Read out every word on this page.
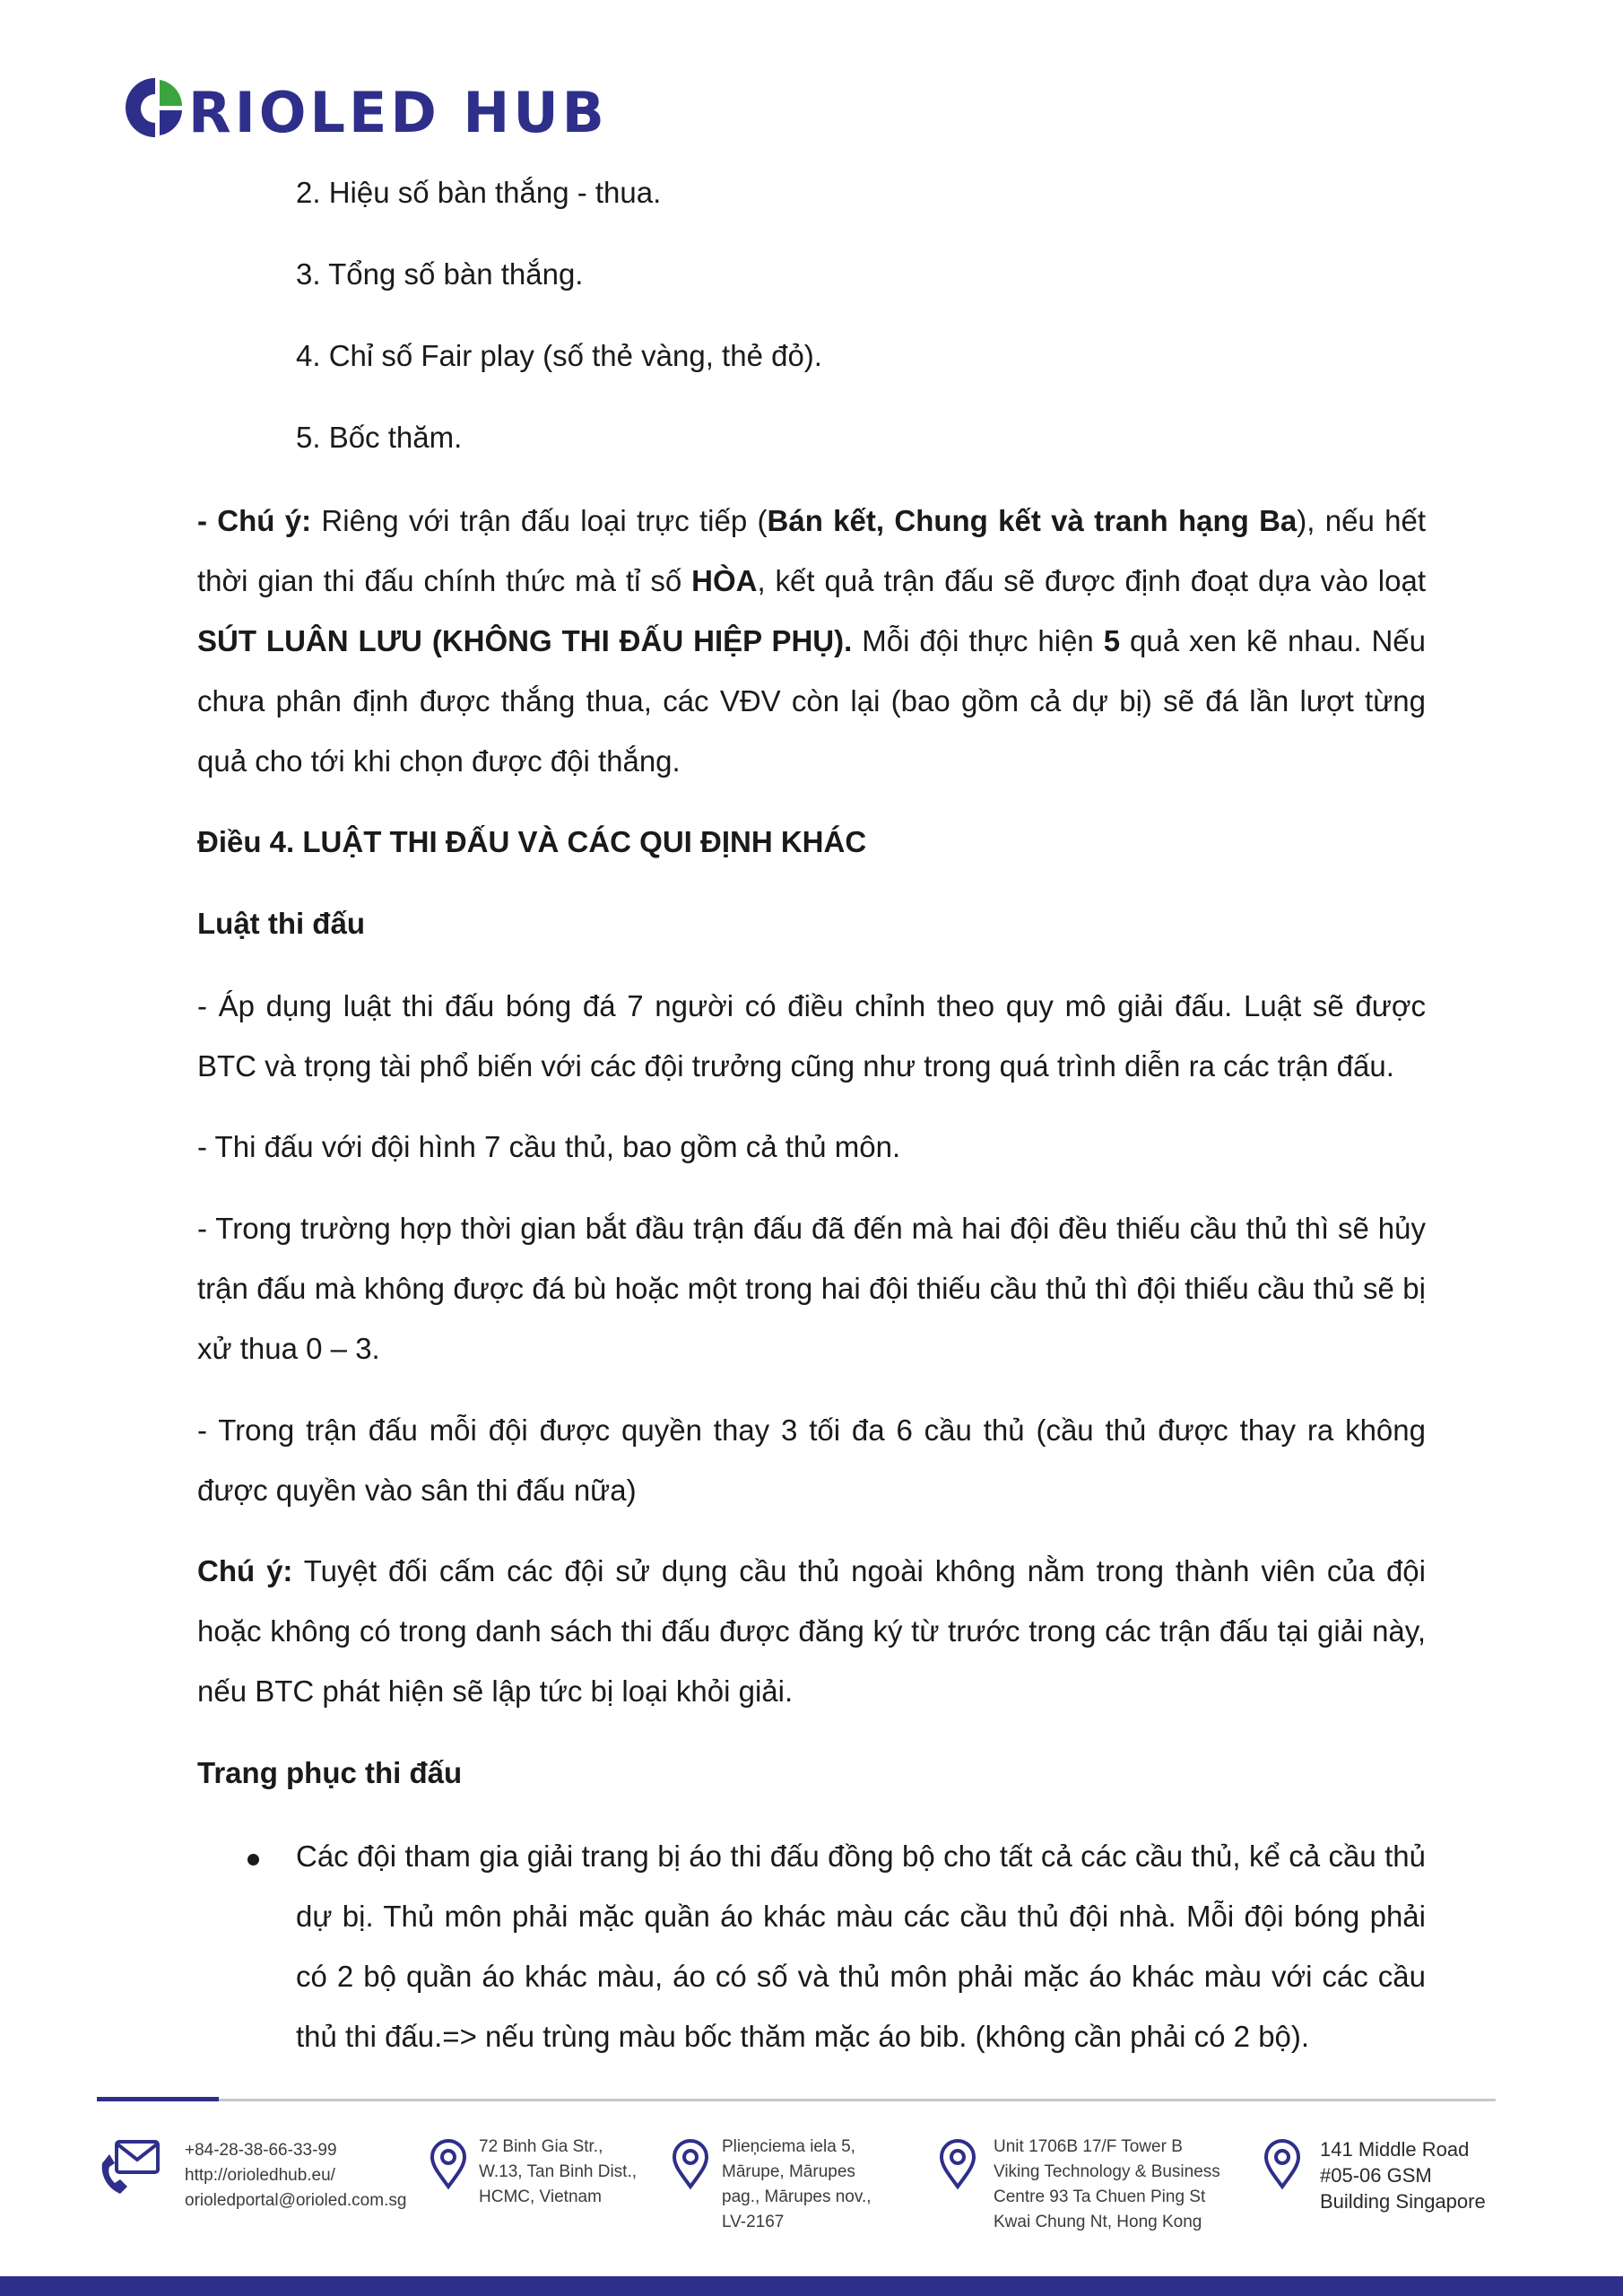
RIOLED HUB

2. Hiệu số bàn thắng - thua.

3. Tổng số bàn thắng.

4. Chỉ số Fair play (số thẻ vàng, thẻ đỏ).

5. Bốc thăm.

- Chú ý: Riêng với trận đấu loại trực tiếp (Bán kết, Chung kết và tranh hạng Ba), nếu hết thời gian thi đấu chính thức mà tỉ số HÒA, kết quả trận đấu sẽ được định đoạt dựa vào loạt SÚT LUÂN LƯU (KHÔNG THI ĐẤU HIỆP PHỤ). Mỗi đội thực hiện 5 quả xen kẽ nhau. Nếu chưa phân định được thắng thua, các VĐV còn lại (bao gồm cả dự bị) sẽ đá lần lượt từng quả cho tới khi chọn được đội thắng.

Điều 4. LUẬT THI ĐẤU VÀ CÁC QUI ĐỊNH KHÁC

Luật thi đấu

- Áp dụng luật thi đấu bóng đá 7 người có điều chỉnh theo quy mô giải đấu. Luật sẽ được BTC và trọng tài phổ biến với các đội trưởng cũng như trong quá trình diễn ra các trận đấu.

- Thi đấu với đội hình 7 cầu thủ, bao gồm cả thủ môn.

- Trong trường hợp thời gian bắt đầu trận đấu đã đến mà hai đội đều thiếu cầu thủ thì sẽ hủy trận đấu mà không được đá bù hoặc một trong hai đội thiếu cầu thủ thì đội thiếu cầu thủ sẽ bị xử thua 0 – 3.

- Trong trận đấu mỗi đội được quyền thay 3 tối đa 6 cầu thủ (cầu thủ được thay ra không được quyền vào sân thi đấu nữa)

Chú ý: Tuyệt đối cấm các đội sử dụng cầu thủ ngoài không nằm trong thành viên của đội hoặc không có trong danh sách thi đấu được đăng ký từ trước trong các trận đấu tại giải này, nếu BTC phát hiện sẽ lập tức bị loại khỏi giải.

Trang phục thi đấu

Các đội tham gia giải trang bị áo thi đấu đồng bộ cho tất cả các cầu thủ, kể cả cầu thủ dự bị. Thủ môn phải mặc quần áo khác màu các cầu thủ đội nhà. Mỗi đội bóng phải có 2 bộ quần áo khác màu, áo có số và thủ môn phải mặc áo khác màu với các cầu thủ thi đấu.=> nếu trùng màu bốc thăm mặc áo bib. (không cần phải có 2 bộ).

+84-28-38-66-33-99
http://orioledhub.eu/
orioledportal@orioled.com.sg
72 Binh Gia Str.,
W.13, Tan Binh Dist.,
HCMC, Vietnam
Plieņciema iela 5,
Mārupe, Mārupes
pag., Mārupes nov.,
LV-2167
Unit 1706B 17/F Tower B
Viking Technology & Business
Centre 93 Ta Chuen Ping St
Kwai Chung Nt, Hong Kong
141 Middle Road
#05-06 GSM
Building Singapore
